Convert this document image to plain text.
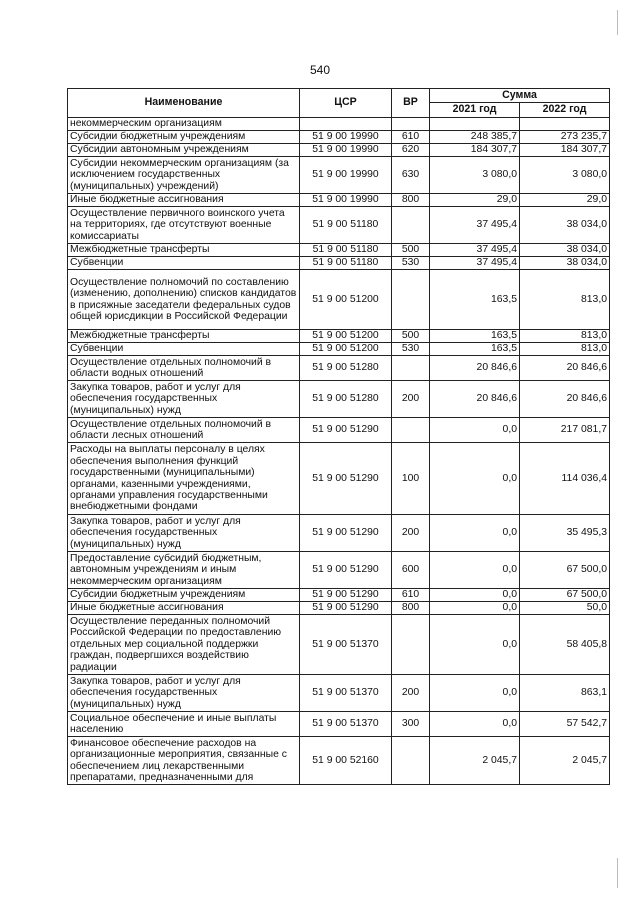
540
Наименование	ЦСР	ВР	Сумма	
			2021 год	2022 год
некоммерческим организациям				
Субсидии бюджетным учреждениям	51 9 00 19990	610	248 385,7	273 235,7
Субсидии автономным учреждениям	51 9 00 19990	620	184 307,7	184 307,7
Субсидии некоммерческим организациям (за исключением государственных (муниципальных) учреждений)	51 9 00 19990	630	3 080,0	3 080,0
Иные бюджетные ассигнования	51 9 00 19990	800	29,0	29,0
Осуществление первичного воинского учета на территориях, где отсутствуют военные комиссариаты	51 9 00 51180		37 495,4	38 034,0
Межбюджетные трансферты	51 9 00 51180	500	37 495,4	38 034,0
Субвенции	51 9 00 51180	530	37 495,4	38 034,0
Осуществление полномочий по составлению (изменению, дополнению) списков кандидатов в присяжные заседатели федеральных судов общей юрисдикции в Российской Федерации	51 9 00 51200		163,5	813,0
Межбюджетные трансферты	51 9 00 51200	500	163,5	813,0
Субвенции	51 9 00 51200	530	163,5	813,0
Осуществление отдельных полномочий в области водных отношений	51 9 00 51280		20 846,6	20 846,6
Закупка товаров, работ и услуг для обеспечения государственных (муниципальных) нужд	51 9 00 51280	200	20 846,6	20 846,6
Осуществление отдельных полномочий в области лесных отношений	51 9 00 51290		0,0	217 081,7
Расходы на выплаты персоналу в целях обеспечения выполнения функций государственными (муниципальными) органами, казенными учреждениями, органами управления государственными внебюджетными фондами	51 9 00 51290	100	0,0	114 036,4
Закупка товаров, работ и услуг для обеспечения государственных (муниципальных) нужд	51 9 00 51290	200	0,0	35 495,3
Предоставление субсидий бюджетным, автономным учреждениям и иным некоммерческим организациям	51 9 00 51290	600	0,0	67 500,0
Субсидии бюджетным учреждениям	51 9 00 51290	610	0,0	67 500,0
Иные бюджетные ассигнования	51 9 00 51290	800	0,0	50,0
Осуществление переданных полномочий Российской Федерации по предоставлению отдельных мер социальной поддержки граждан, подвергшихся воздействию радиации	51 9 00 51370		0,0	58 405,8
Закупка товаров, работ и услуг для обеспечения государственных (муниципальных) нужд	51 9 00 51370	200	0,0	863,1
Социальное обеспечение и иные выплаты населению	51 9 00 51370	300	0,0	57 542,7
Финансовое обеспечение расходов на организационные мероприятия, связанные с обеспечением лиц лекарственными препаратами, предназначенными для	51 9 00 52160		2 045,7	2 045,7
